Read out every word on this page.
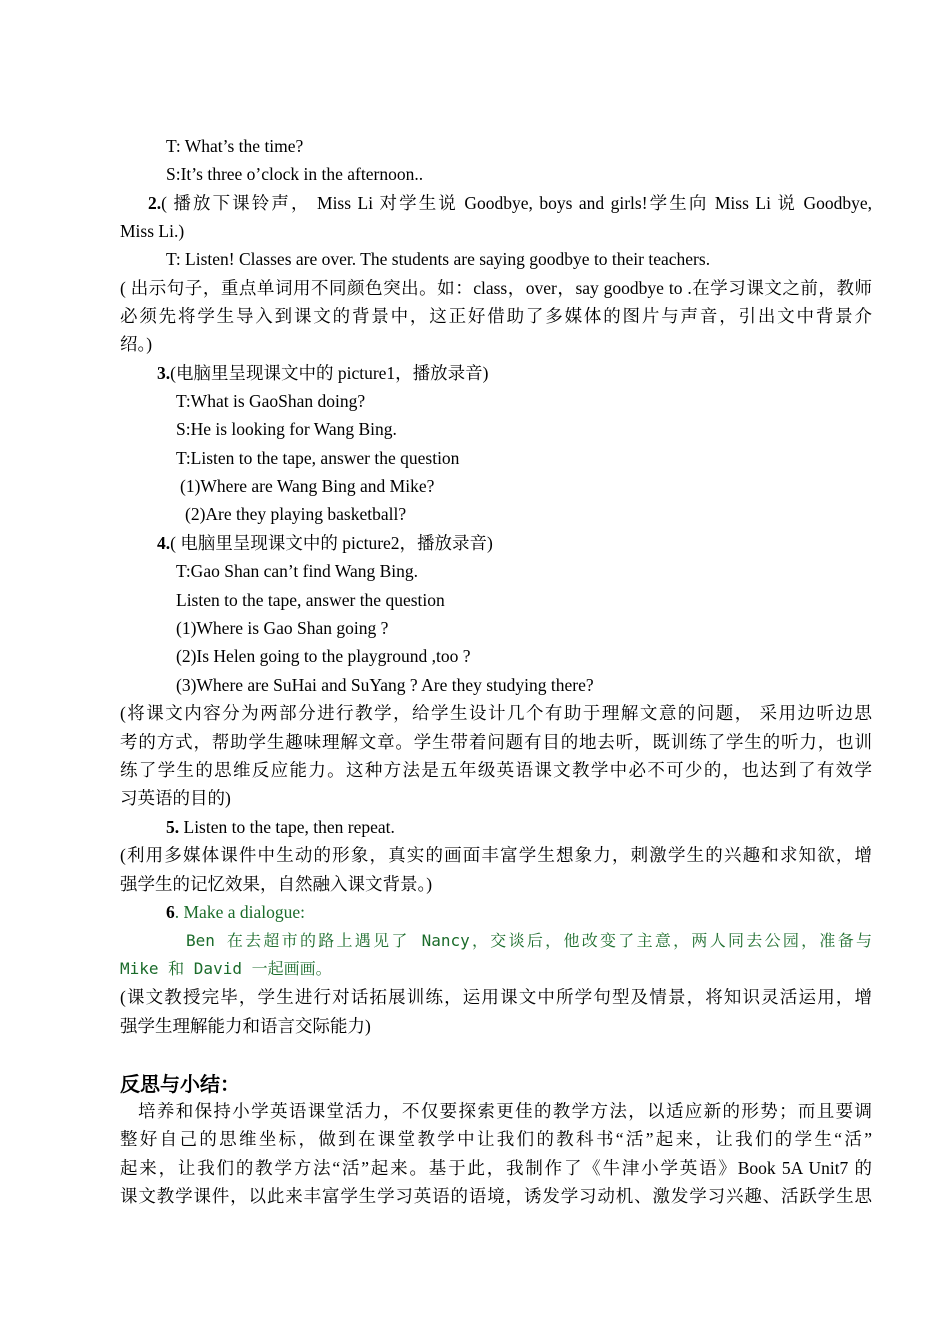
T: What’s the time?
S:It’s three o’clock in the afternoon..
2.( 播放下课铃声， Miss Li 对学生说 Goodbye, boys and girls!学生向 Miss Li 说 Goodbye,
Miss Li.)
T: Listen! Classes are over. The students are saying goodbye to their teachers.
( 出示句子，重点单词用不同颜色突出。如：class，over，say goodbye to .在学习课文之前，教师
必须先将学生导入到课文的背景中，这正好借助了多媒体的图片与声音，引出文中背景介
绍。)
3.(电脑里呈现课文中的 picture1，播放录音)
T:What is GaoShan doing?
S:He is looking for Wang Bing.
T:Listen to the tape, answer the question
(1)Where are Wang Bing and Mike?
(2)Are they playing basketball?
4.( 电脑里呈现课文中的 picture2，播放录音)
T:Gao Shan can’t find Wang Bing.
Listen to the tape, answer the question
(1)Where is Gao Shan going ?
(2)Is Helen going to the playground ,too ?
(3)Where are SuHai and SuYang ? Are they studying there?
(将课文内容分为两部分进行教学，给学生设计几个有助于理解文意的问题， 采用边听边思
考的方式，帮助学生趣味理解文章。学生带着问题有目的地去听，既训练了学生的听力，也训
练了学生的思维反应能力。这种方法是五年级英语课文教学中必不可少的，也达到了有效学
习英语的目的)
5. Listen to the tape, then repeat.
(利用多媒体课件中生动的形象，真实的画面丰富学生想象力，刺激学生的兴趣和求知欲，增
强学生的记忆效果，自然融入课文背景。)
6. Make a dialogue:
Ben 在去超市的路上遇见了 Nancy，交谈后，他改变了主意，两人同去公园，准备与
Mike 和 David 一起画画。
(课文教授完毕，学生进行对话拓展训练，运用课文中所学句型及情景，将知识灵活运用，增
强学生理解能力和语言交际能力)
反思与小结：
培养和保持小学英语课堂活力，不仅要探索更佳的教学方法，以适应新的形势；而且要调
整好自己的思维坐标，做到在课堂教学中让我们的教科书“活”起来，让我们的学生“活”
起来，让我们的教学方法“活”起来。基于此，我制作了《牛津小学英语》Book 5A Unit7 的
课文教学课件，以此来丰富学生学习英语的语境，诱发学习动机、激发学习兴趣、活跃学生思
